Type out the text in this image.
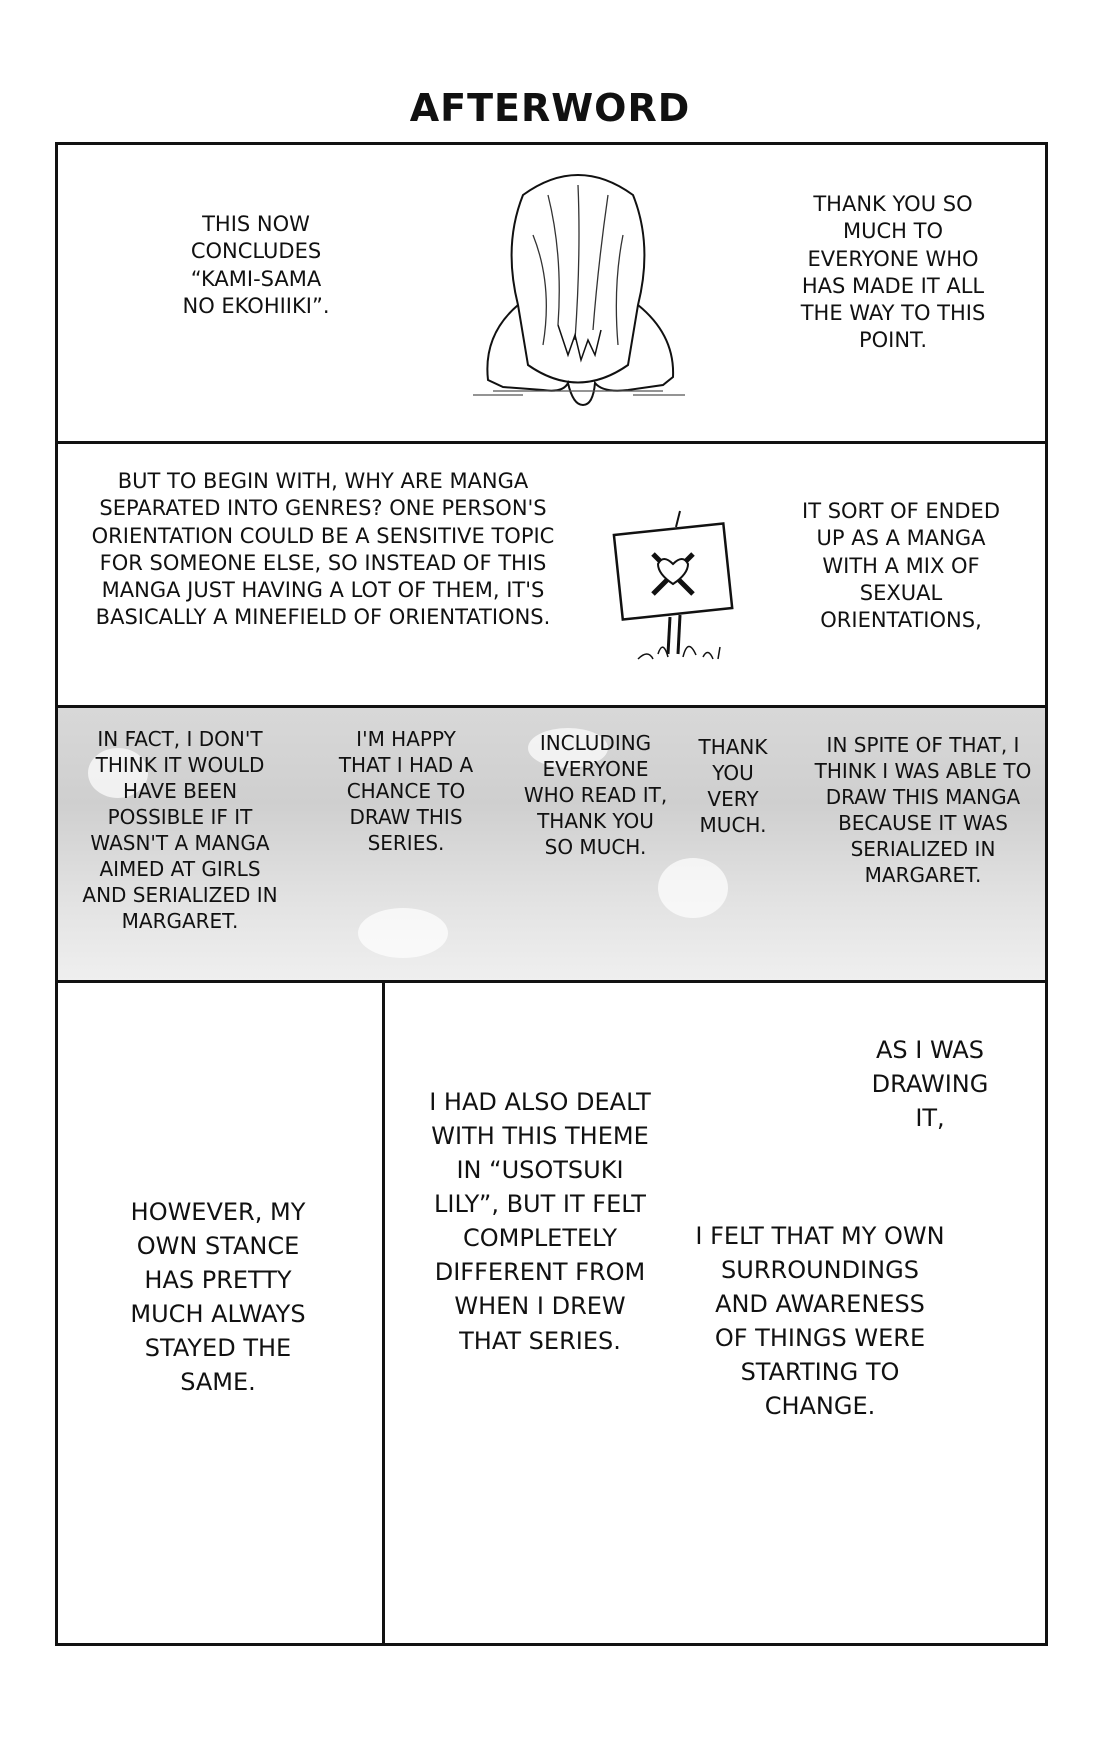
AFTERWORD
THIS NOW CONCLUDES “KAMI-SAMA NO EKOHIIKI”.
THANK YOU SO MUCH TO EVERYONE WHO HAS MADE IT ALL THE WAY TO THIS POINT.
BUT TO BEGIN WITH, WHY ARE MANGA SEPARATED INTO GENRES? ONE PERSON'S ORIENTATION COULD BE A SENSITIVE TOPIC FOR SOMEONE ELSE, SO INSTEAD OF THIS MANGA JUST HAVING A LOT OF THEM, IT'S BASICALLY A MINEFIELD OF ORIENTATIONS.
IT SORT OF ENDED UP AS A MANGA WITH A MIX OF SEXUAL ORIENTATIONS,
IN FACT, I DON'T THINK IT WOULD HAVE BEEN POSSIBLE IF IT WASN'T A MANGA AIMED AT GIRLS AND SERIALIZED IN MARGARET.
I'M HAPPY THAT I HAD A CHANCE TO DRAW THIS SERIES.
INCLUDING EVERYONE WHO READ IT, THANK YOU SO MUCH.
THANK YOU VERY MUCH.
IN SPITE OF THAT, I THINK I WAS ABLE TO DRAW THIS MANGA BECAUSE IT WAS SERIALIZED IN MARGARET.
HOWEVER, MY OWN STANCE HAS PRETTY MUCH ALWAYS STAYED THE SAME.
AS I WAS DRAWING IT,
I HAD ALSO DEALT WITH THIS THEME IN “USOTSUKI LILY”, BUT IT FELT COMPLETELY DIFFERENT FROM WHEN I DREW THAT SERIES.
I FELT THAT MY OWN SURROUNDINGS AND AWARENESS OF THINGS WERE STARTING TO CHANGE.
